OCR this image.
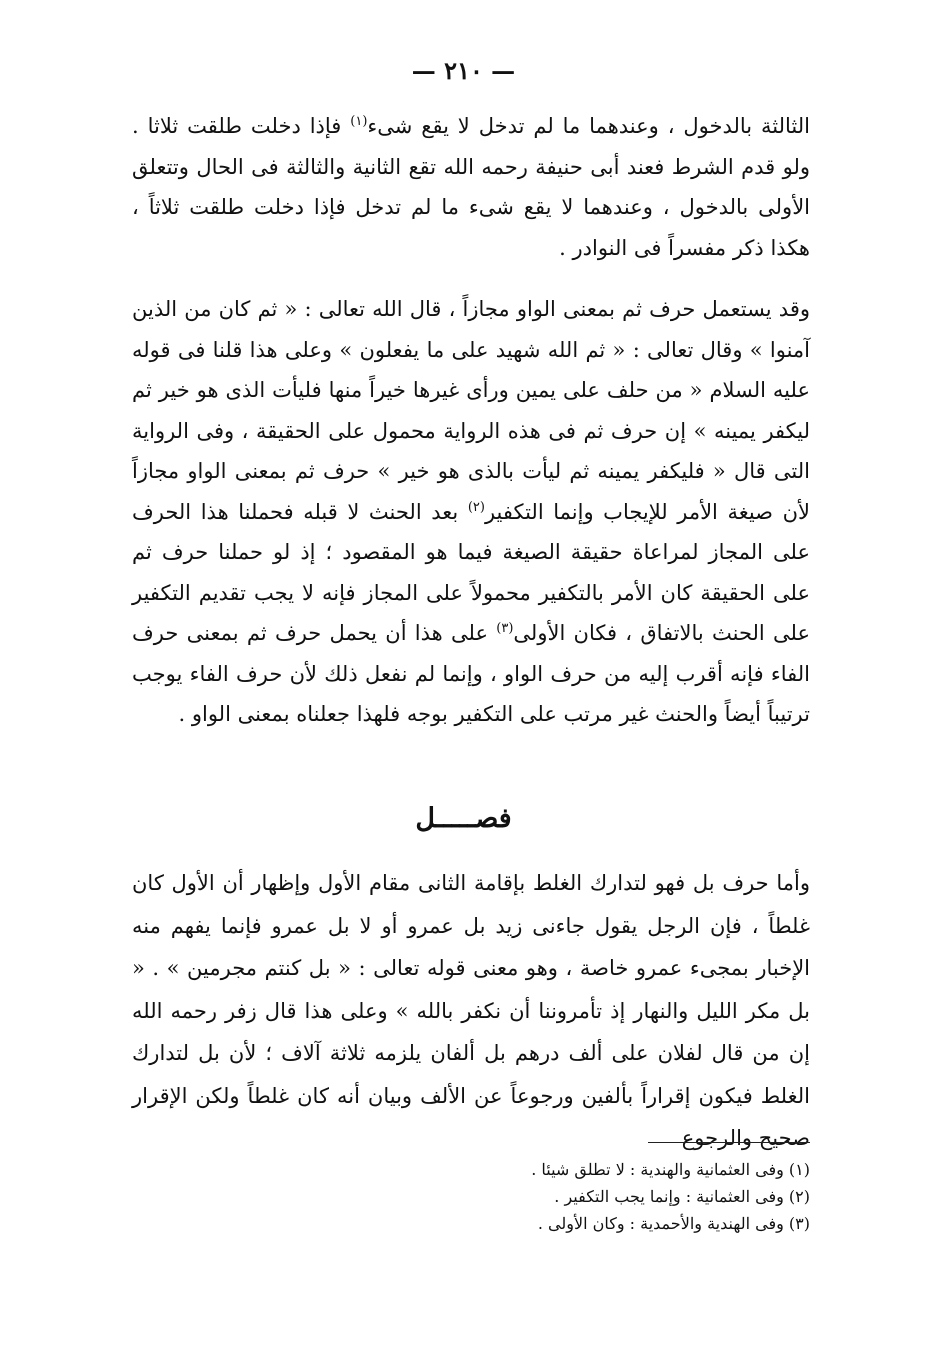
— ٢١٠ —

الثالثة بالدخول ، وعندهما ما لم تدخل لا يقع شىء$^{(١)}$ فإذا دخلت طلقت ثلاثا . ولو قدم الشرط فعند أبى حنيفة رحمه الله تقع الثانية والثالثة فى الحال وتتعلق الأولى بالدخول ، وعندهما لا يقع شىء ما لم تدخل فإذا دخلت طلقت ثلاثاً ، هكذا ذكر مفسراً فى النوادر .

وقد يستعمل حرف ثم بمعنى الواو مجازاً ، قال الله تعالى : « ثم كان من الذين آمنوا » وقال تعالى : « ثم الله شهيد على ما يفعلون » وعلى هذا قلنا فى قوله عليه السلام « من حلف على يمين ورأى غيرها خيراً منها فليأت الذى هو خير ثم ليكفر يمينه » إن حرف ثم فى هذه الرواية محمول على الحقيقة ، وفى الرواية التى قال « فليكفر يمينه ثم ليأت بالذى هو خير » حرف ثم بمعنى الواو مجازاً لأن صيغة الأمر للإيجاب وإنما التكفير$^{(٢)}$ بعد الحنث لا قبله فحملنا هذا الحرف على المجاز لمراعاة حقيقة الصيغة فيما هو المقصود ؛ إذ لو حملنا حرف ثم على الحقيقة كان الأمر بالتكفير محمولاً على المجاز فإنه لا يجب تقديم التكفير على الحنث بالاتفاق ، فكان الأولى$^{(٣)}$ على هذا أن يحمل حرف ثم بمعنى حرف الفاء فإنه أقرب إليه من حرف الواو ، وإنما لم نفعل ذلك لأن حرف الفاء يوجب ترتيباً أيضاً والحنث غير مرتب على التكفير بوجه فلهذا جعلناه بمعنى الواو .

فصـــــل

وأما حرف بل فهو لتدارك الغلط بإقامة الثانى مقام الأول وإظهار أن الأول كان غلطاً ، فإن الرجل يقول جاءنى زيد بل عمرو أو لا بل عمرو فإنما يفهم منه الإخبار بمجىء عمرو خاصة ، وهو معنى قوله تعالى : « بل كنتم مجرمين » . « بل مكر الليل والنهار إذ تأمروننا أن نكفر بالله » وعلى هذا قال زفر رحمه الله إن من قال لفلان على ألف درهم بل ألفان يلزمه ثلاثة آلاف ؛ لأن بل لتدارك الغلط فيكون إقراراً بألفين ورجوعاً عن الألف وبيان أنه كان غلطاً ولكن الإقرار صحيح والرجوع

(١) وفى العثمانية والهندية : لا تطلق شيئا .
(٢) وفى العثمانية : وإنما يجب التكفير .
(٣) وفى الهندية والأحمدية : وكان الأولى .
